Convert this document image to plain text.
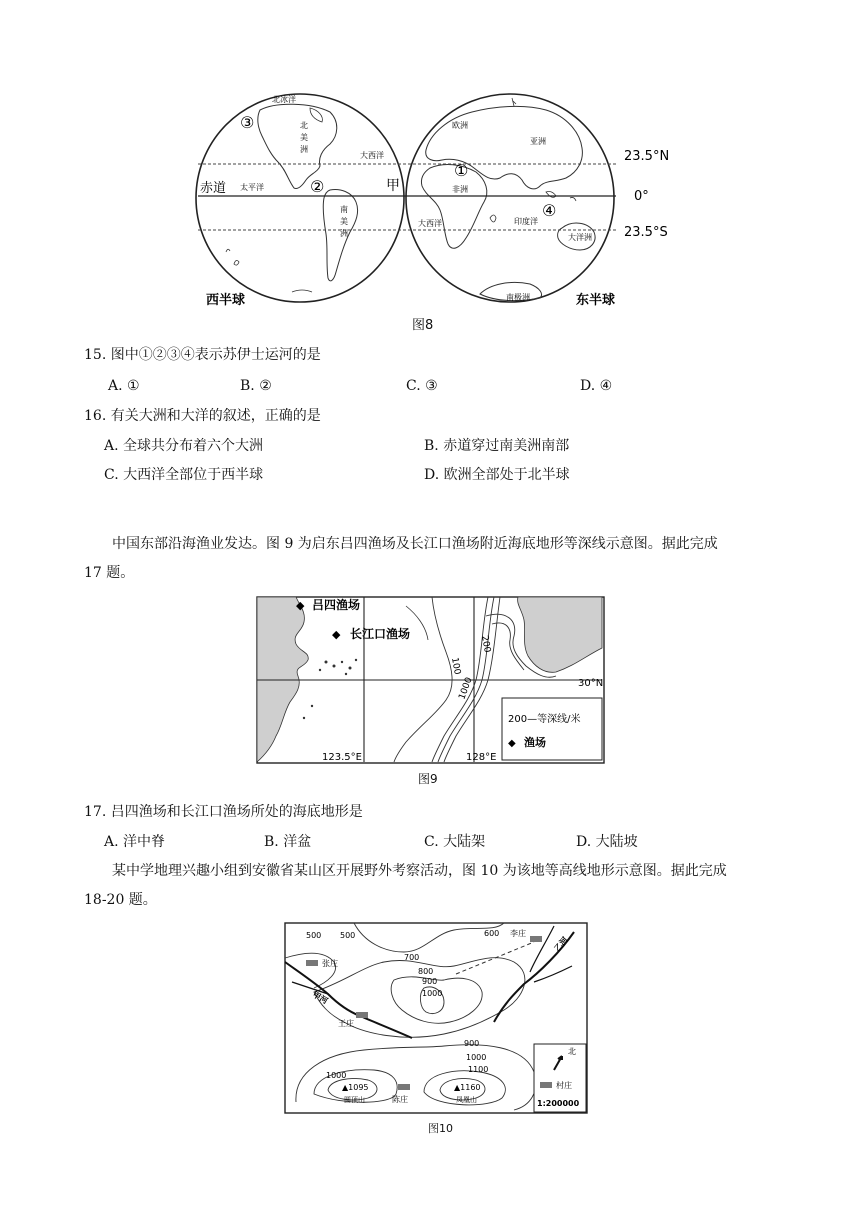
北冰洋
③	北
美
洲
大西洋
太平洋
赤道	②	甲
南
美
洲
欧洲
亚洲
①
非洲
大西洋	印度洋
④
大洋洲
南极洲
23.5°N
0°
23.5°S
西半球	东半球
图8
15. 图中①②③④表示苏伊士运河的是
A. ①	B. ②	C. ③	D. ④
16. 有关大洲和大洋的叙述，正确的是
A. 全球共分布着六个大洲	B. 赤道穿过南美洲南部
C. 大西洋全部位于西半球	D. 欧洲全部处于北半球
中国东部沿海渔业发达。图 9 为启东吕四渔场及长江口渔场附近海底地形等深线示意图。据此完成
17 题。
◆ 吕四渔场
◆ 长江口渔场
100
200
1000	30°N
123.5°E	128°E
200—等深线/米
◆ 渔场
图9
17. 吕四渔场和长江口渔场所处的海底地形是
A. 洋中脊	B. 洋盆	C. 大陆架	D. 大陆坡
某中学地理兴趣小组到安徽省某山区开展野外考察活动，图 10 为该地等高线地形示意图。据此完成
18-20 题。
500 500	600
700
800
900
1000
900
1000
1100
1000
张庄
王庄
李庄
陈庄
甲河
乙河
▲1095
圆顶山
▲1160
凤凰山
北
村庄
1:200000
图10
